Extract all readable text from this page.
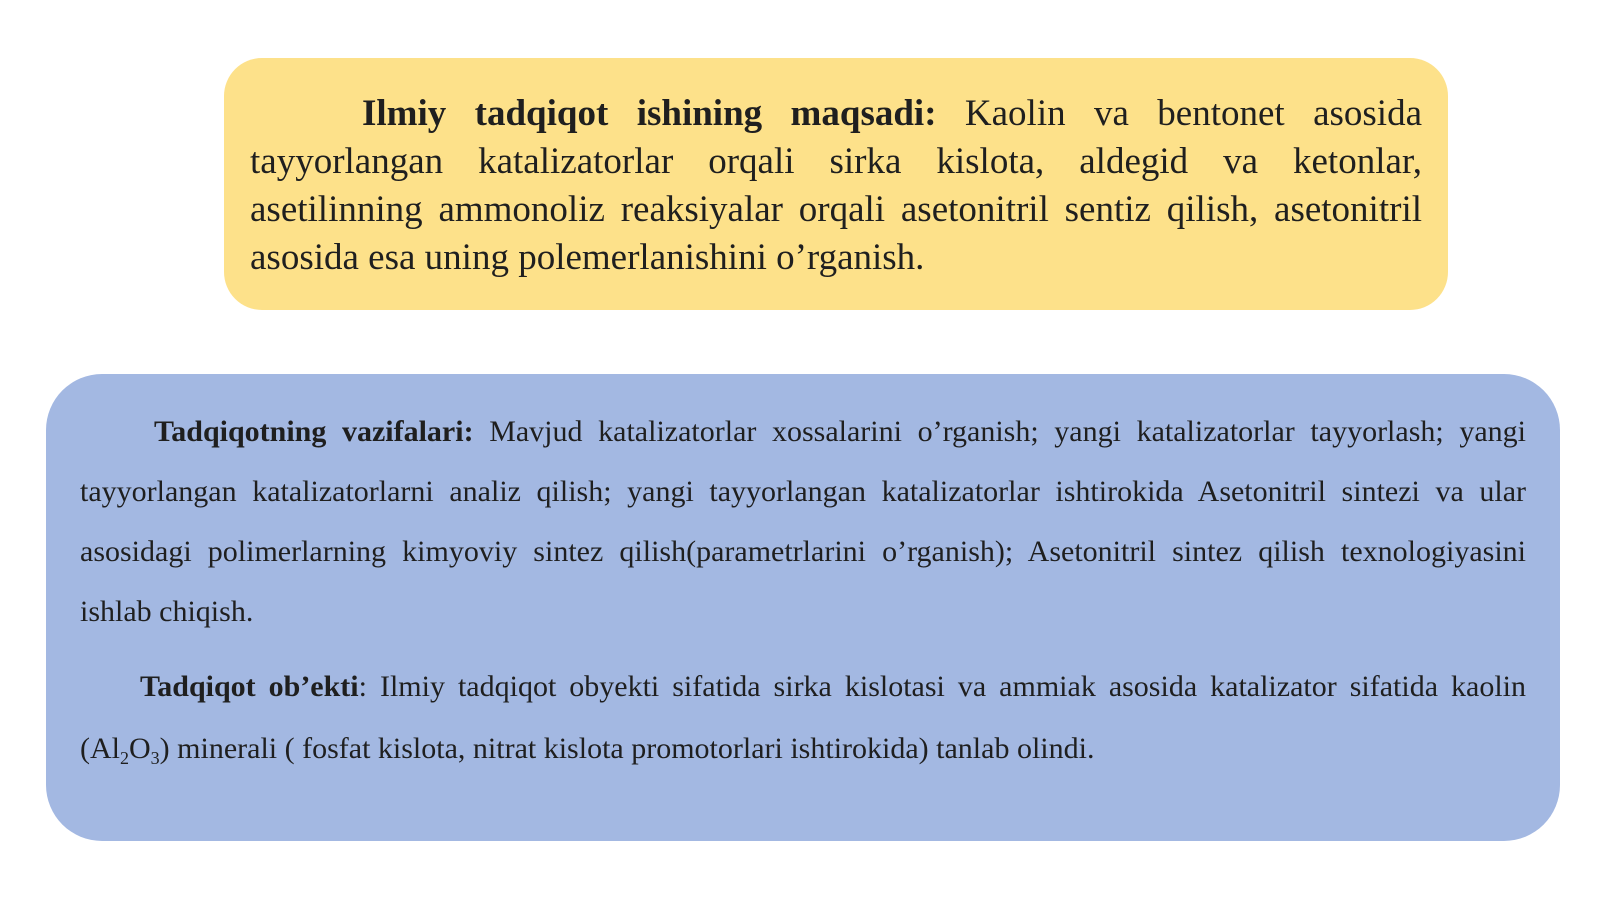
Ilmiy tadqiqot ishining maqsadi: Kaolin va bentonet asosida tayyorlangan katalizatorlar orqali sirka kislota, aldegid va ketonlar, asetilinning ammonoliz reaksiyalar orqali asetonitril sentiz qilish, asetonitril asosida esa uning polemerlanishini o’rganish.

Tadqiqotning vazifalari: Mavjud katalizatorlar xossalarini o’rganish; yangi katalizatorlar tayyorlash; yangi tayyorlangan katalizatorlarni analiz qilish; yangi tayyorlangan katalizatorlar ishtirokida Asetonitril sintezi va ular asosidagi polimerlarning kimyoviy sintez qilish(parametrlarini o’rganish); Asetonitril sintez qilish texnologiyasini ishlab chiqish.

Tadqiqot ob’ekti: Ilmiy tadqiqot obyekti sifatida sirka kislotasi va ammiak asosida katalizator sifatida kaolin $(Al_2O_3)$ minerali ( fosfat kislota, nitrat kislota promotorlari ishtirokida) tanlab olindi.
